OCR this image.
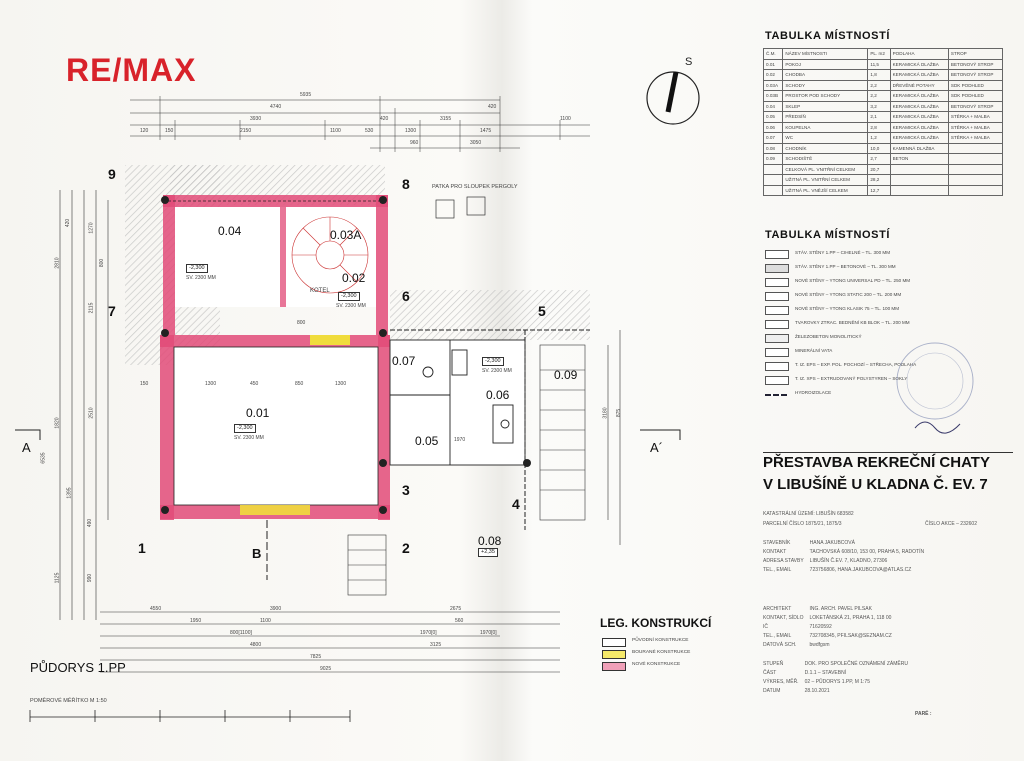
RE/MAX
5935
4740
3930	420	3155
420
1100
120	150	2150	1100	530	1300	1475
960	3050
9
8
7
6
5
1	2
3
4
PATKA PRO SLOUPEK PERGOLY
0.04
-2,300
SV. 2300 MM
0.03A
0.02
-2,300
SV. 2300 MM
KOTEL
0.07
0.06
-2,300
SV. 2300 MM
0.01
-2,300
SV. 2300 MM	0.05
0.09
0.08
+2,35
A	A´
B
2810
420	1270
800
2115
6535
1820
1395
2510
490
1125	990
875
3180
1300	450	850	1300
150
800
1970
4550	3900	2675
1950	1100
800[1100]	1970[0]
560
1970[0]
4800	3125
7825
9025
PŮDORYS 1.PP
POMĚROVÉ MĚŘÍTKO M 1:50
S
LEG. KONSTRUKCÍ
PŮVODNÍ KONSTRUKCE
BOURANÉ KONSTRUKCE
NOVÉ KONSTRUKCE
TABULKA MÍSTNOSTÍ
Č.M.	NÁZEV MÍSTNOSTI	PL. m2	PODLAHA	STROP
0.01	POKOJ	11,5	KERAMICKÁ DLAŽBA	BETONOVÝ STROP
0.02	CHODBA	1,8	KERAMICKÁ DLAŽBA	BETONOVÝ STROP
0.03A	SCHODY	2,2	DŘEVĚNÉ POTAHY	SDK PODHLED
0.03B	PROSTOR POD SCHODY	2,2	KERAMICKÁ DLAŽBA	SDK PODHLED
0.04	SKLEP	3,2	KERAMICKÁ DLAŽBA	BETONOVÝ STROP
0.05	PŘEDSÍŇ	2,1	KERAMICKÁ DLAŽBA	STĚRKA + MALBA
0.06	KOUPELNA	2,8	KERAMICKÁ DLAŽBA	STĚRKA + MALBA
0.07	WC	1,2	KERAMICKÁ DLAŽBA	STĚRKA + MALBA
0.08	CHODNÍK	10,0	KAMENNÁ DLAŽBA	
0.09	SCHODIŠTĚ	2,7	BETON	
	CELKOVÁ PL. VNITŘNÍ CELKEM	20,7		
	UŽITNÁ PL. VNITŘNÍ CELKEM	28,2		
	UŽITNÁ PL. VNĚJŠÍ CELKEM	12,7		
TABULKA MÍSTNOSTÍ
STÁV. STĚNY 1.PP – CIHELNÉ – TL. 300 MM
STÁV. STĚNY 1.PP – BETONOVÉ – TL. 300 MM
NOVÉ STĚNY – YTONG UNIVERSAL PD – TL. 250 MM
NOVÉ STĚNY – YTONG STATIC 200 – TL. 200 MM
NOVÉ STĚNY – YTONG KLASIK 75 – TL. 100 MM
TVAROVKY ZTRAC. BEDNĚNÍ KB BLOK – TL. 200 MM
ŽELEZOBETON MONOLITICKÝ
MINERÁLNÍ VATA
T. IZ. EPS – EXP. POL. POCHOZÍ – STŘECHA, PODLAHA
T. IZ. XPS – EXTRUDOVANÝ POLYSTYREN – SOKLY
HYDROIZOLACE
PŘESTAVBA REKREČNÍ CHATY
V LIBUŠÍNĚ U KLADNA Č. EV. 7
KATASTRÁLNÍ ÚZEMÍ: LIBUŠÍN 683582
PARCELNÍ ČÍSLO 1875/21, 1875/3	ČÍSLO AKCE – 232602
STAVEBNÍK	HANA JAKUBCOVÁ
KONTAKT	TACHOVSKÁ 608/10, 153 00, PRAHA 5, RADOTÍN
ADRESA STAVBY	LIBUŠÍN Č.EV. 7, KLADNO, 27306
TEL., EMAIL	723756806, HANA.JAKUBCOVA@ATLAS.CZ
ARCHITEKT	ING. ARCH. PAVEL PILSAK
KONTAKT, SÍDLO	LOKETÁNSKÁ 21, PRAHA 1, 118 00
IČ	71620592
TEL., EMAIL	732708345, PFILSAK@SEZNAM.CZ
DATOVÁ SCH.	bwdfgsm
STUPEŇ	DOK. PRO SPOLEČNÉ OZNÁMENÍ ZÁMĚRU
ČÁST	D.1.1 – STAVEBNÍ
VÝKRES, MĚŘ.	02 – PŮDORYS 1.PP, M 1:75
DATUM	28.10.2021
PARÉ :
